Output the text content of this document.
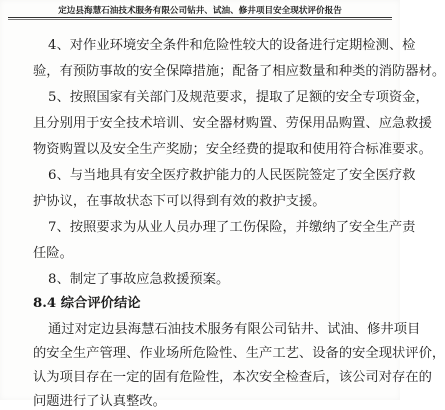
定边县海慧石油技术服务有限公司钻井、试油、修井项目安全现状评价报告
4、对作业环境安全条件和危险性较大的设备进行定期检测、检
验，有预防事故的安全保障措施；配备了相应数量和种类的消防器材。
5、按照国家有关部门及规范要求，提取了足额的安全专项资金，
且分别用于安全技术培训、安全器材购置、劳保用品购置、应急救援
物资购置以及安全生产奖励；安全经费的提取和使用符合标准要求。
6、与当地具有安全医疗救护能力的人民医院签定了安全医疗救
护协议，在事故状态下可以得到有效的救护支援。
7、按照要求为从业人员办理了工伤保险，并缴纳了安全生产责
任险。
8、制定了事故应急救援预案。
8.4 综合评价结论
通过对定边县海慧石油技术服务有限公司钻井、试油、修井项目
的安全生产管理、作业场所危险性、生产工艺、设备的安全现状评价，
认为项目存在一定的固有危险性，本次安全检查后，该公司对存在的
问题进行了认真整改。
